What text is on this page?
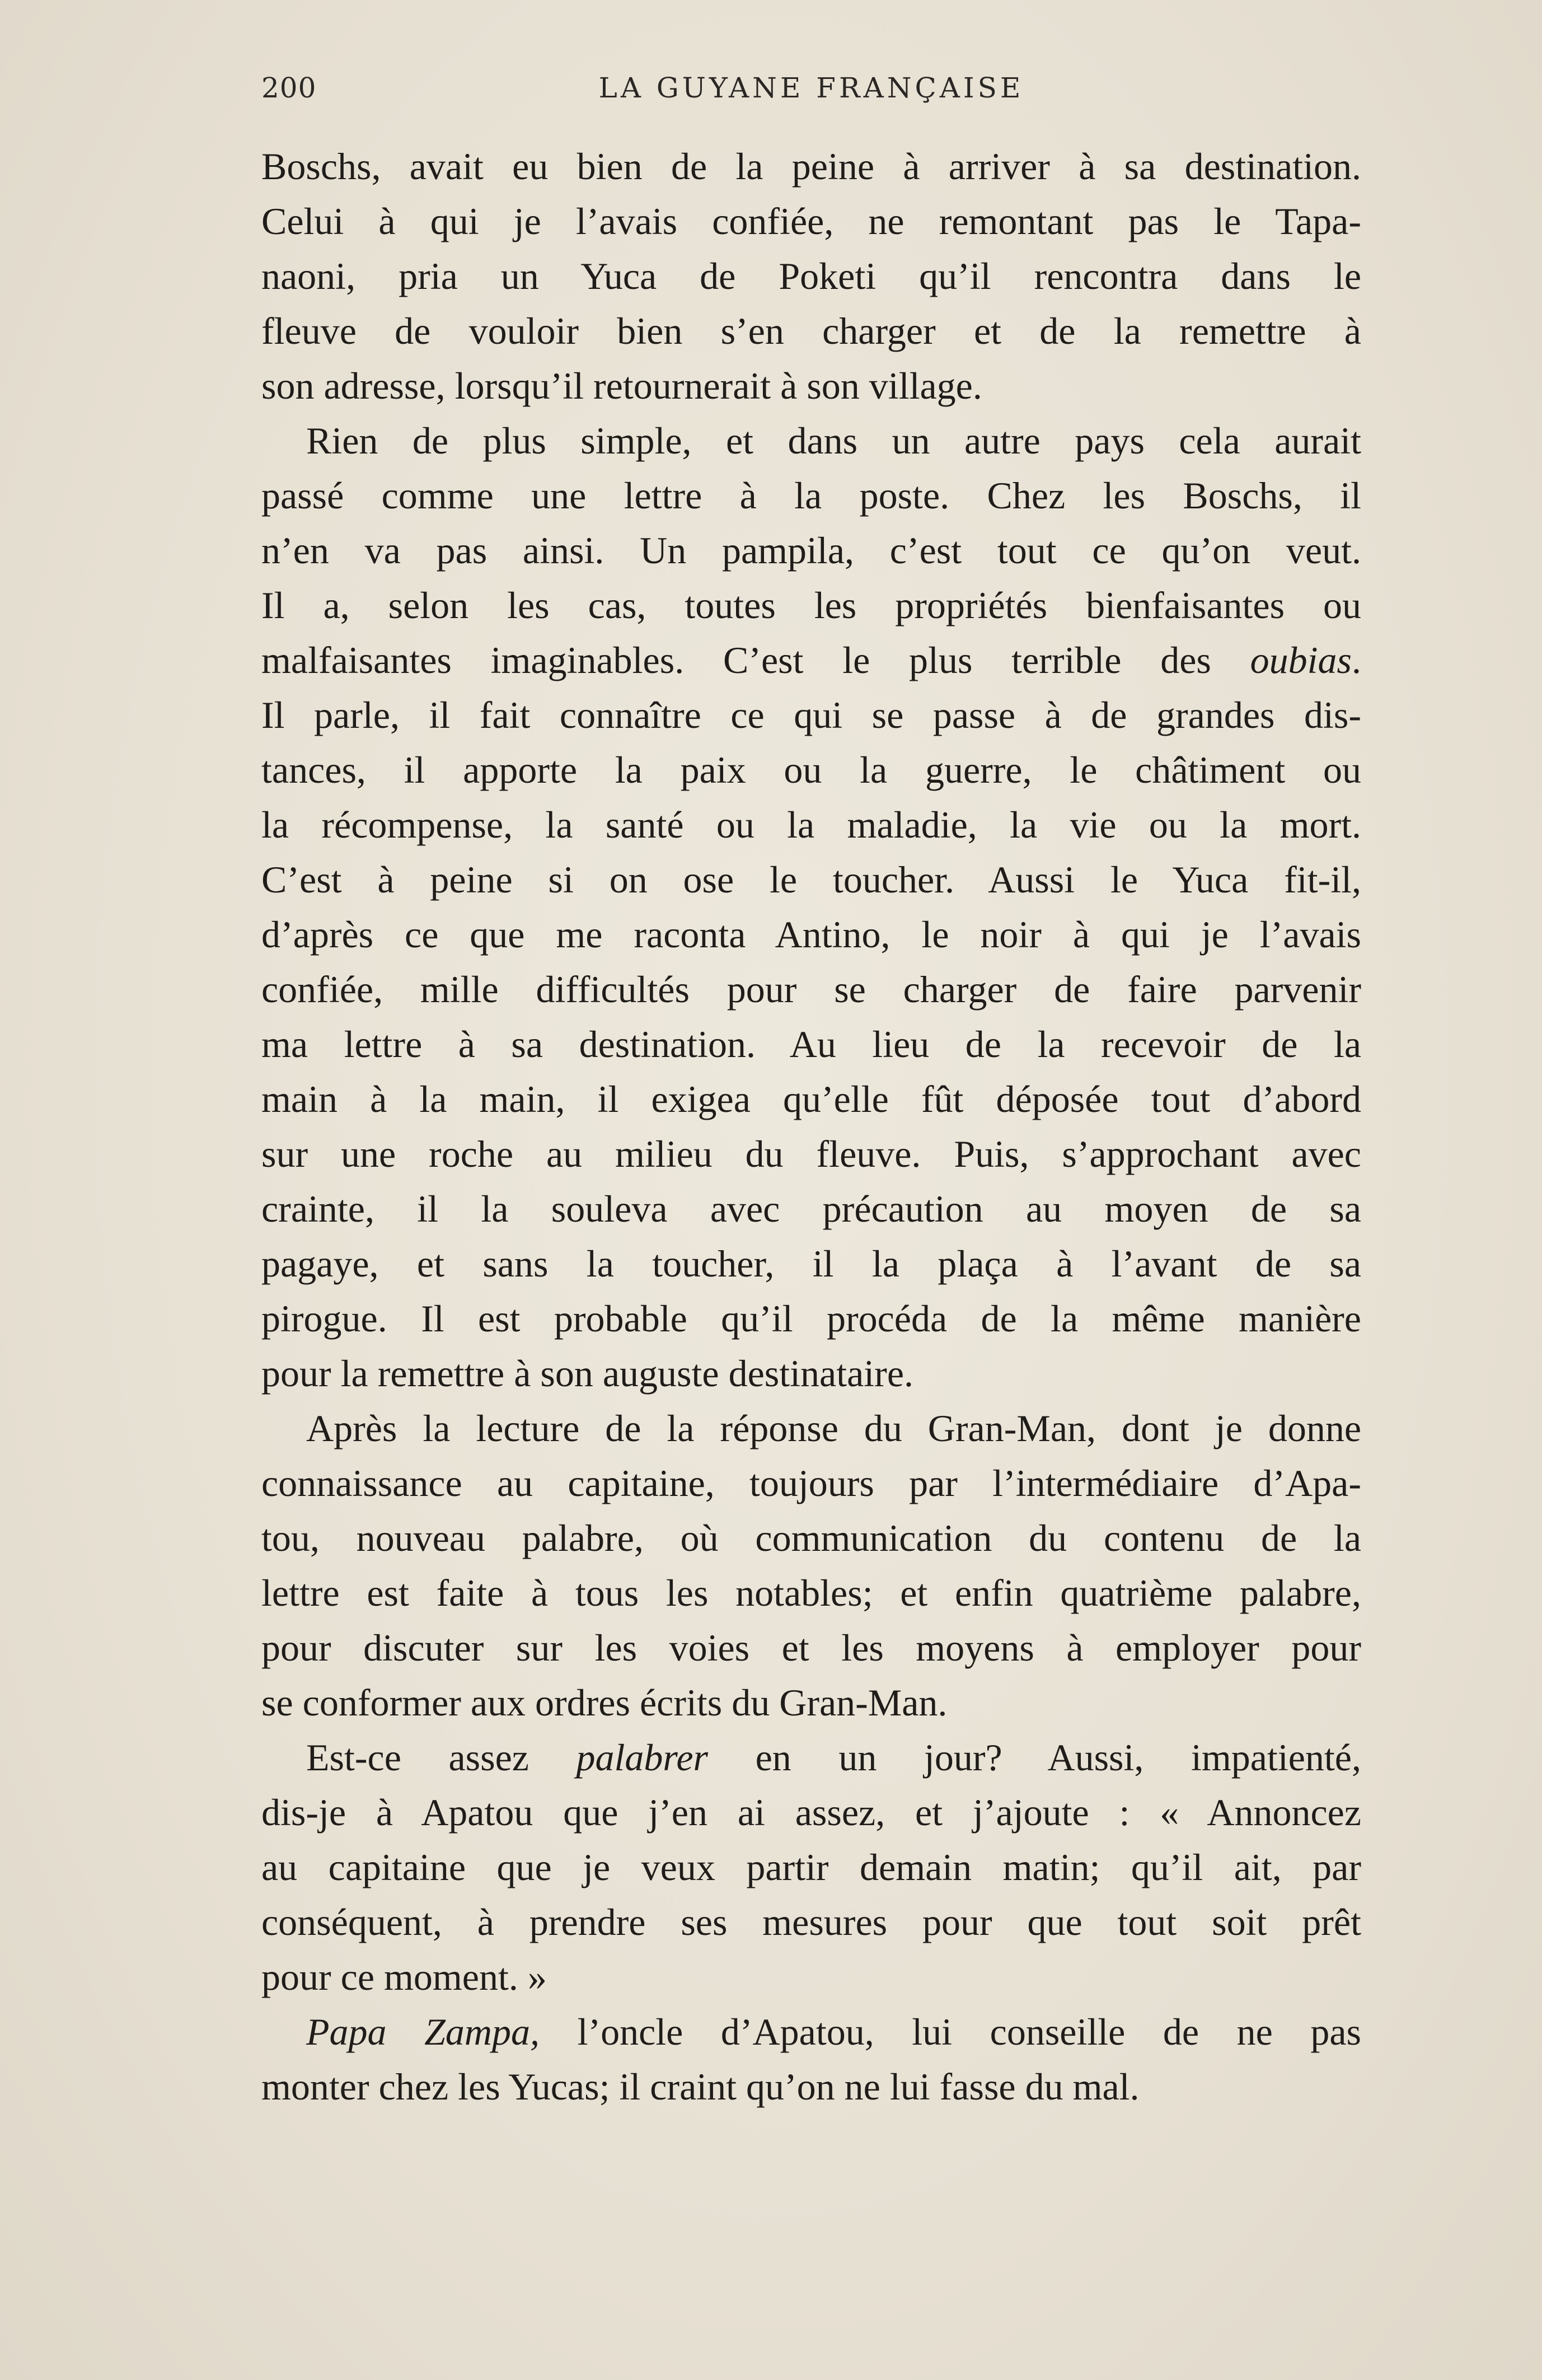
200	LA GUYANE FRANÇAISE
Boschs, avait eu bien de la peine à arriver à sa destination.
Celui à qui je l’avais confiée, ne remontant pas le Tapa-
naoni, pria un Yuca de Poketi qu’il rencontra dans le
fleuve de vouloir bien s’en charger et de la remettre à
son adresse, lorsqu’il retournerait à son village.
Rien de plus simple, et dans un autre pays cela aurait
passé comme une lettre à la poste. Chez les Boschs, il
n’en va pas ainsi. Un pampila, c’est tout ce qu’on veut.
Il a, selon les cas, toutes les propriétés bienfaisantes ou
malfaisantes imaginables. C’est le plus terrible des oubias.
Il parle, il fait connaître ce qui se passe à de grandes dis-
tances, il apporte la paix ou la guerre, le châtiment ou
la récompense, la santé ou la maladie, la vie ou la mort.
C’est à peine si on ose le toucher. Aussi le Yuca fit-il,
d’après ce que me raconta Antino, le noir à qui je l’avais
confiée, mille difficultés pour se charger de faire parvenir
ma lettre à sa destination. Au lieu de la recevoir de la
main à la main, il exigea qu’elle fût déposée tout d’abord
sur une roche au milieu du fleuve. Puis, s’approchant avec
crainte, il la souleva avec précaution au moyen de sa
pagaye, et sans la toucher, il la plaça à l’avant de sa
pirogue. Il est probable qu’il procéda de la même manière
pour la remettre à son auguste destinataire.
Après la lecture de la réponse du Gran-Man, dont je donne
connaissance au capitaine, toujours par l’intermédiaire d’Apa-
tou, nouveau palabre, où communication du contenu de la
lettre est faite à tous les notables; et enfin quatrième palabre,
pour discuter sur les voies et les moyens à employer pour
se conformer aux ordres écrits du Gran-Man.
Est-ce assez palabrer en un jour? Aussi, impatienté,
dis-je à Apatou que j’en ai assez, et j’ajoute : « Annoncez
au capitaine que je veux partir demain matin; qu’il ait, par
conséquent, à prendre ses mesures pour que tout soit prêt
pour ce moment. »
Papa Zampa, l’oncle d’Apatou, lui conseille de ne pas
monter chez les Yucas; il craint qu’on ne lui fasse du mal.
